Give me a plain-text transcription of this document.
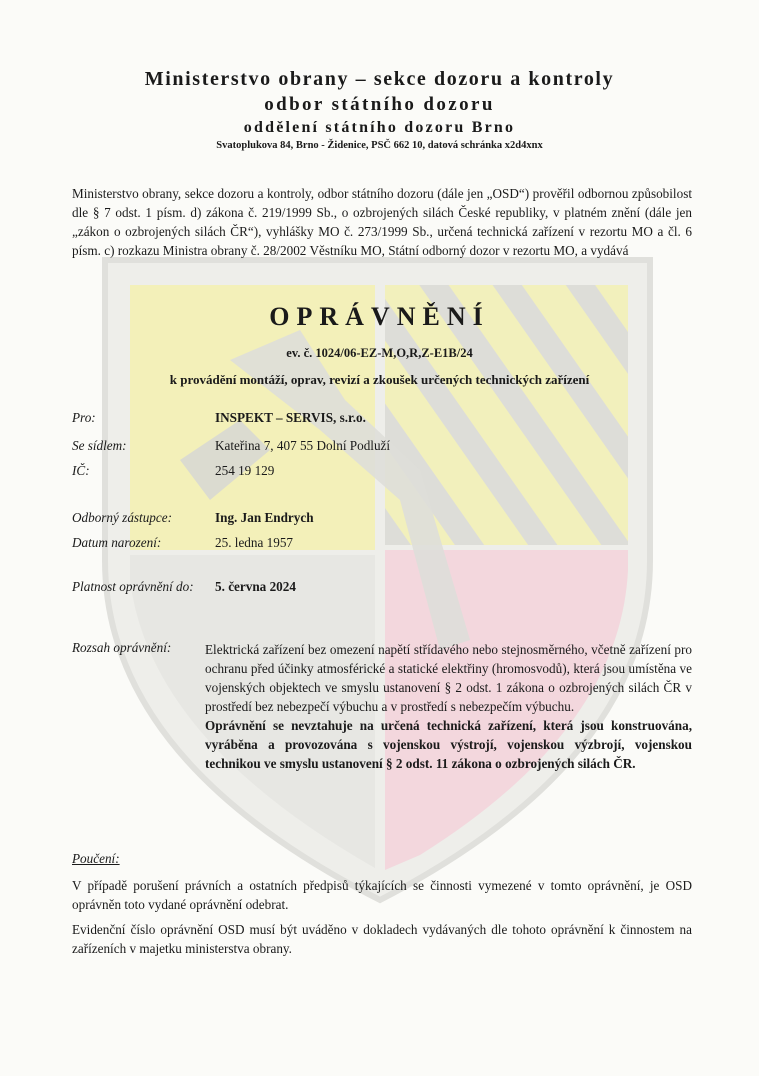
Ministerstvo obrany – sekce dozoru a kontroly
odbor státního dozoru
oddělení státního dozoru Brno
Svatoplukova 84, Brno - Židenice, PSČ 662 10, datová schránka x2d4xnx
Ministerstvo obrany, sekce dozoru a kontroly, odbor státního dozoru (dále jen „OSD“) prověřil odbornou způsobilost dle § 7 odst. 1 písm. d) zákona č. 219/1999 Sb., o ozbrojených silách České republiky, v platném znění (dále jen „zákon o ozbrojených silách ČR“), vyhlášky MO č. 273/1999 Sb., určená technická zařízení v rezortu MO a čl. 6 písm. c) rozkazu Ministra obrany č. 28/2002 Věstníku MO, Státní odborný dozor v rezortu MO, a vydává
OPRÁVNĚNÍ
ev. č. 1024/06-EZ-M,O,R,Z-E1B/24
k provádění montáží, oprav, revizí a zkoušek určených technických zařízení
Pro:	INSPEKT – SERVIS, s.r.o.
Se sídlem:	Kateřina 7, 407 55 Dolní Podluží
IČ:	254 19 129
Odborný zástupce:	Ing. Jan Endrych
Datum narození:	25. ledna 1957
Platnost oprávnění do: 5. června 2024
Rozsah oprávnění:	Elektrická zařízení bez omezení napětí střídavého nebo stejnosměrného, včetně zařízení pro ochranu před účinky atmosférické a statické elektřiny (hromosvodů), která jsou umístěna ve vojenských objektech ve smyslu ustanovení § 2 odst. 1 zákona o ozbrojených silách ČR v prostředí bez nebezpečí výbuchu a v prostředí s nebezpečím výbuchu.

Oprávnění se nevztahuje na určená technická zařízení, která jsou konstruována, vyráběna a provozována s vojenskou výstrojí, vojenskou výzbrojí, vojenskou technikou ve smyslu ustanovení § 2 odst. 11 zákona o ozbrojených silách ČR.

Poučení:

V případě porušení právních a ostatních předpisů týkajících se činnosti vymezené v tomto oprávnění, je OSD oprávněn toto vydané oprávnění odebrat.

Evidenční číslo oprávnění OSD musí být uváděno v dokladech vydávaných dle tohoto oprávnění k činnostem na zařízeních v majetku ministerstva obrany.
